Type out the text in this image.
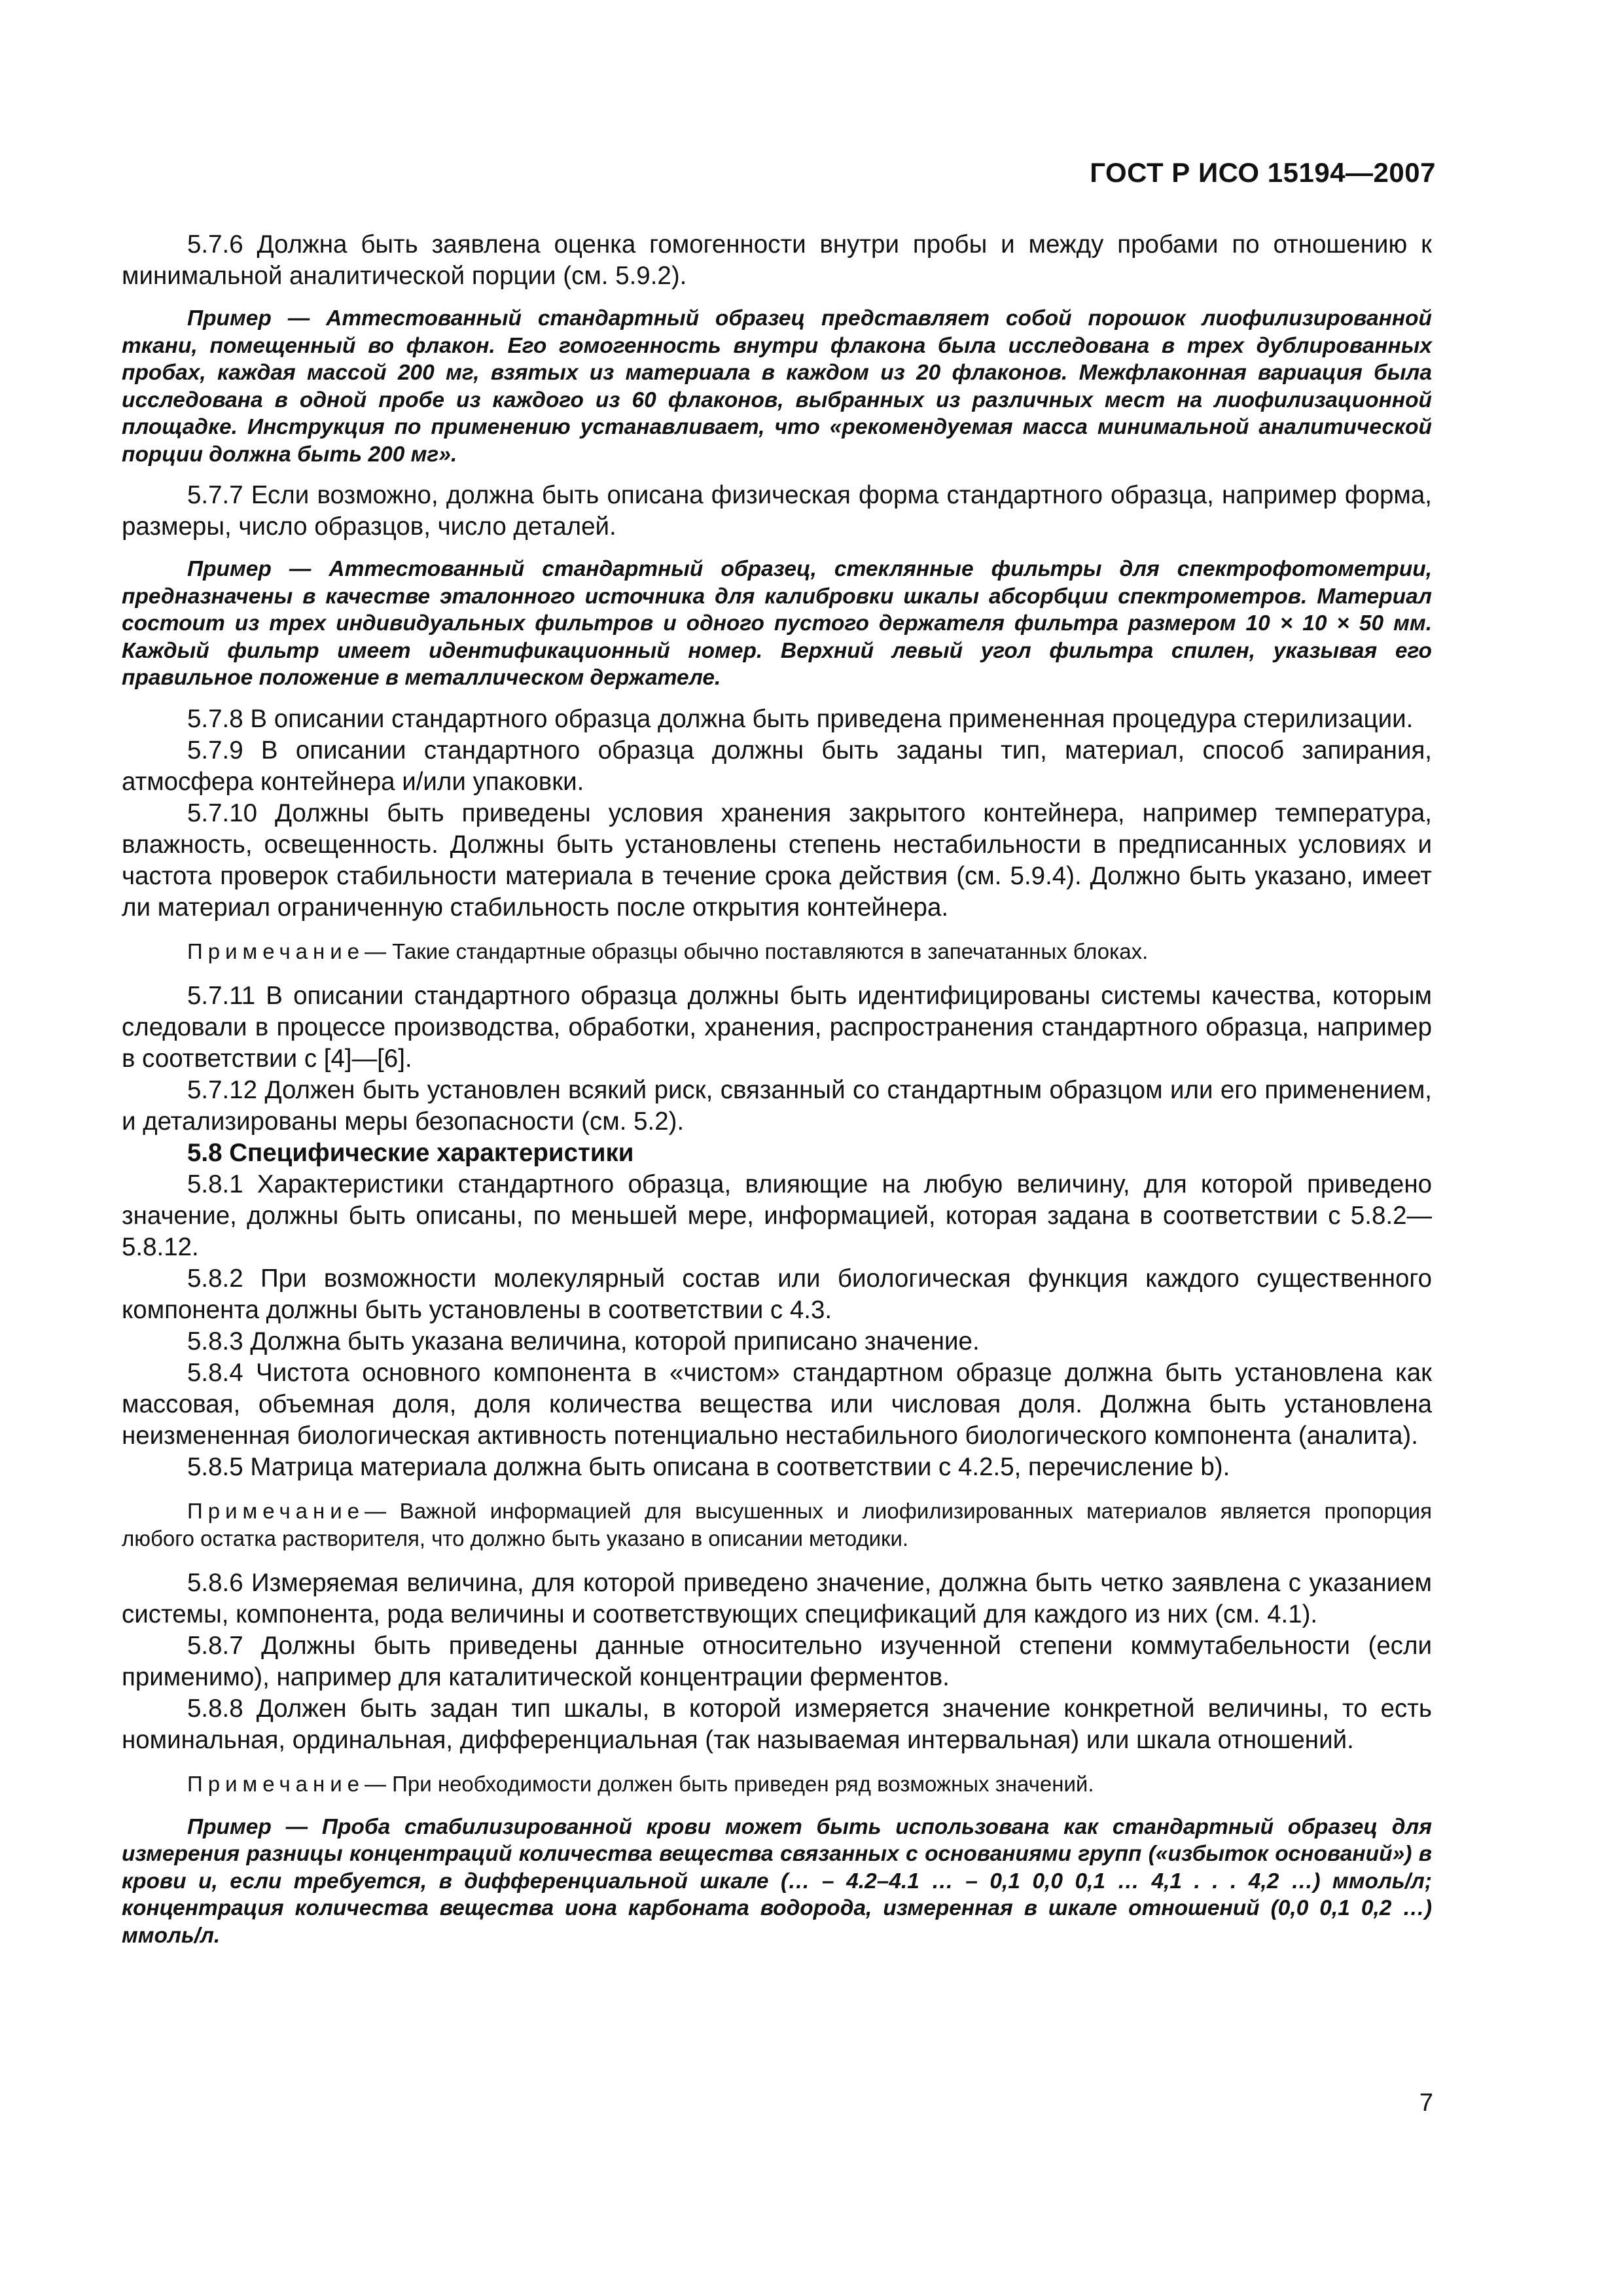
ГОСТ Р ИСО 15194—2007

5.7.6 Должна быть заявлена оценка гомогенности внутри пробы и между пробами по отношению к минимальной аналитической порции (см. 5.9.2).

Пример — Аттестованный стандартный образец представляет собой порошок лиофилизированной ткани, помещенный во флакон. Его гомогенность внутри флакона была исследована в трех дублированных пробах, каждая массой 200 мг, взятых из материала в каждом из 20 флаконов. Межфлаконная вариация была исследована в одной пробе из каждого из 60 флаконов, выбранных из различных мест на лиофилизационной площадке. Инструкция по применению устанавливает, что «рекомендуемая масса минимальной аналитической порции должна быть 200 мг».

5.7.7 Если возможно, должна быть описана физическая форма стандартного образца, например форма, размеры, число образцов, число деталей.

Пример — Аттестованный стандартный образец, стеклянные фильтры для спектрофотометрии, предназначены в качестве эталонного источника для калибровки шкалы абсорбции спектрометров. Материал состоит из трех индивидуальных фильтров и одного пустого держателя фильтра размером 10 × 10 × 50 мм. Каждый фильтр имеет идентификационный номер. Верхний левый угол фильтра спилен, указывая его правильное положение в металлическом держателе.

5.7.8 В описании стандартного образца должна быть приведена примененная процедура стерилизации.

5.7.9 В описании стандартного образца должны быть заданы тип, материал, способ запирания, атмосфера контейнера и/или упаковки.

5.7.10 Должны быть приведены условия хранения закрытого контейнера, например температура, влажность, освещенность. Должны быть установлены степень нестабильности в предписанных условиях и частота проверок стабильности материала в течение срока действия (см. 5.9.4). Должно быть указано, имеет ли материал ограниченную стабильность после открытия контейнера.

Примечание— Такие стандартные образцы обычно поставляются в запечатанных блоках.

5.7.11 В описании стандартного образца должны быть идентифицированы системы качества, которым следовали в процессе производства, обработки, хранения, распространения стандартного образца, например в соответствии с [4]—[6].

5.7.12 Должен быть установлен всякий риск, связанный со стандартным образцом или его применением, и детализированы меры безопасности (см. 5.2).

5.8 Специфические характеристики

5.8.1 Характеристики стандартного образца, влияющие на любую величину, для которой приведено значение, должны быть описаны, по меньшей мере, информацией, которая задана в соответствии с 5.8.2—5.8.12.

5.8.2 При возможности молекулярный состав или биологическая функция каждого существенного компонента должны быть установлены в соответствии с 4.3.

5.8.3 Должна быть указана величина, которой приписано значение.

5.8.4 Чистота основного компонента в «чистом» стандартном образце должна быть установлена как массовая, объемная доля, доля количества вещества или числовая доля. Должна быть установлена неизмененная биологическая активность потенциально нестабильного биологического компонента (аналита).

5.8.5 Матрица материала должна быть описана в соответствии с 4.2.5, перечисление b).

Примечание— Важной информацией для высушенных и лиофилизированных материалов является пропорция любого остатка растворителя, что должно быть указано в описании методики.

5.8.6 Измеряемая величина, для которой приведено значение, должна быть четко заявлена с указанием системы, компонента, рода величины и соответствующих спецификаций для каждого из них (см. 4.1).

5.8.7 Должны быть приведены данные относительно изученной степени коммутабельности (если применимо), например для каталитической концентрации ферментов.

5.8.8 Должен быть задан тип шкалы, в которой измеряется значение конкретной величины, то есть номинальная, ординальная, дифференциальная (так называемая интервальная) или шкала отношений.

Примечание— При необходимости должен быть приведен ряд возможных значений.

Пример — Проба стабилизированной крови может быть использована как стандартный образец для измерения разницы концентраций количества вещества связанных с основаниями групп («избыток оснований») в крови и, если требуется, в дифференциальной шкале (… – 4.2–4.1 … – 0,1 0,0 0,1 … 4,1 . . . 4,2 …) ммоль/л; концентрация количества вещества иона карбоната водорода, измеренная в шкале отношений (0,0 0,1 0,2 …) ммоль/л.

7
